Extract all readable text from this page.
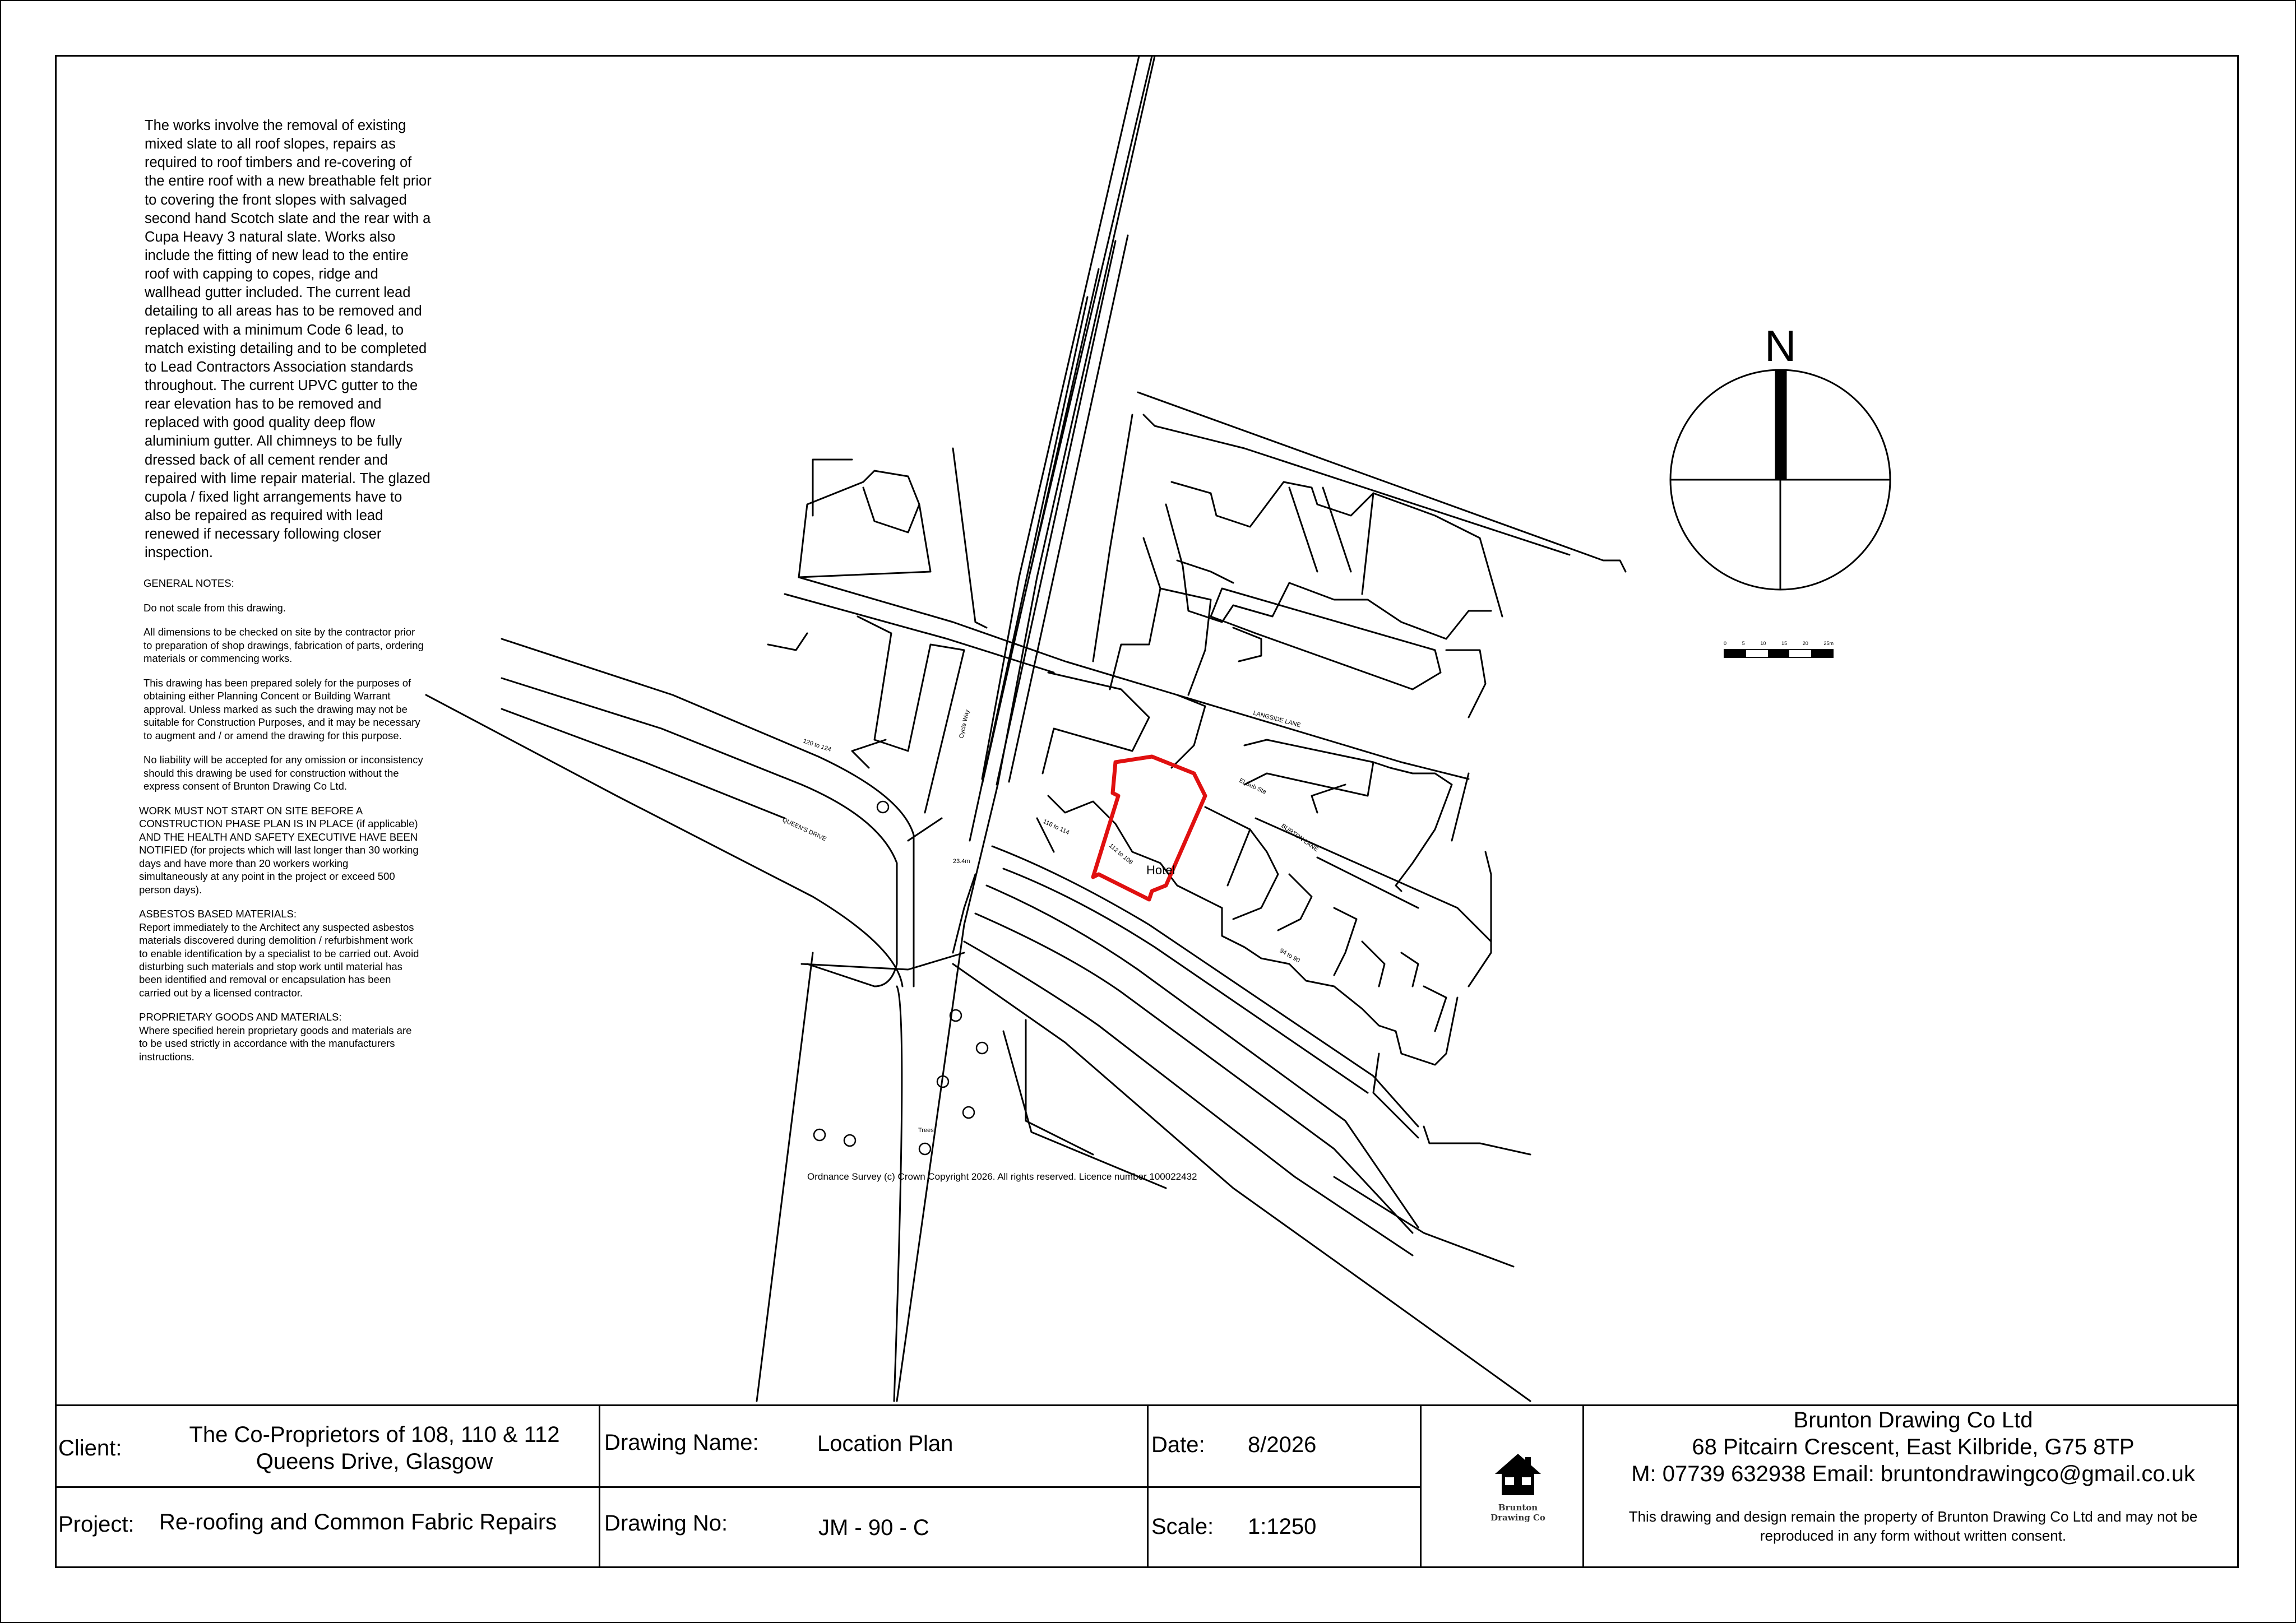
LANGSIDE LANE
BURTON LANE
QUEEN'S DRIVE
Cycle Way
120 to 124
116 to 114
112 to 108
94 to 90
Trees
El Sub Sta
23.4m
The works involve the removal of existing
mixed slate to all roof slopes, repairs as
required to roof timbers and re-covering of
the entire roof with a new breathable felt prior
to covering the front slopes with salvaged
second hand Scotch slate and the rear with a
Cupa Heavy 3 natural slate. Works also
include the fitting of new lead to the entire
roof with capping to copes, ridge and
wallhead gutter included. The current lead
detailing to all areas has to be removed and
replaced with a minimum Code 6 lead, to
match existing detailing and to be completed
to Lead Contractors Association standards
throughout. The current UPVC gutter to the
rear elevation has to be removed and
replaced with good quality deep flow
aluminium gutter. All chimneys to be fully
dressed back of all cement render and
repaired with lime repair material. The glazed
cupola / fixed light arrangements have to
also be repaired as required with lead
renewed if necessary following closer
inspection.
GENERAL NOTES:
Do not scale from this drawing.
All dimensions to be checked on site by the contractor prior
to preparation of shop drawings, fabrication of parts, ordering
materials or commencing works.
This drawing has been prepared solely for the purposes of
obtaining either Planning Concent or Building Warrant
approval. Unless marked as such the drawing may not be
suitable for Construction Purposes, and it may be necessary
to augment and / or amend the drawing for this purpose.
No liability will be accepted for any omission or inconsistency
should this drawing be used for construction without the
express consent of Brunton Drawing Co Ltd.
WORK MUST NOT START ON SITE BEFORE A
CONSTRUCTION PHASE PLAN IS IN PLACE (if applicable)
AND THE HEALTH AND SAFETY EXECUTIVE HAVE BEEN
NOTIFIED (for projects which will last longer than 30 working
days and have more than 20 workers working
simultaneously at any point in the project or exceed 500
person days).
ASBESTOS BASED MATERIALS:
Report immediately to the Architect any suspected asbestos
materials discovered during demolition / refurbishment work
to enable identification by a specialist to be carried out. Avoid
disturbing such materials and stop work until material has
been identified and removal or encapsulation has been
carried out by a licensed contractor.
PROPRIETARY GOODS AND MATERIALS:
Where specified herein proprietary goods and materials are
to be used strictly in accordance with the manufacturers
instructions.
Ordnance Survey (c) Crown Copyright 2026. All rights reserved. Licence number 100022432
Hotel
N
0	5	10	15	20	25m
Client:
The Co-Proprietors of 108, 110 & 112
Queens Drive, Glasgow
Project: Re-roofing and Common Fabric Repairs
Drawing Name:	Location Plan
Drawing No:	JM - 90 - C
Date: 8/2026
Scale: 1:1250
Brunton Drawing Co
Brunton Drawing Co Ltd
68 Pitcairn Crescent, East Kilbride, G75 8TP
M: 07739 632938 Email: bruntondrawingco@gmail.co.uk
This drawing and design remain the property of Brunton Drawing Co Ltd and may not be
reproduced in any form without written consent.
